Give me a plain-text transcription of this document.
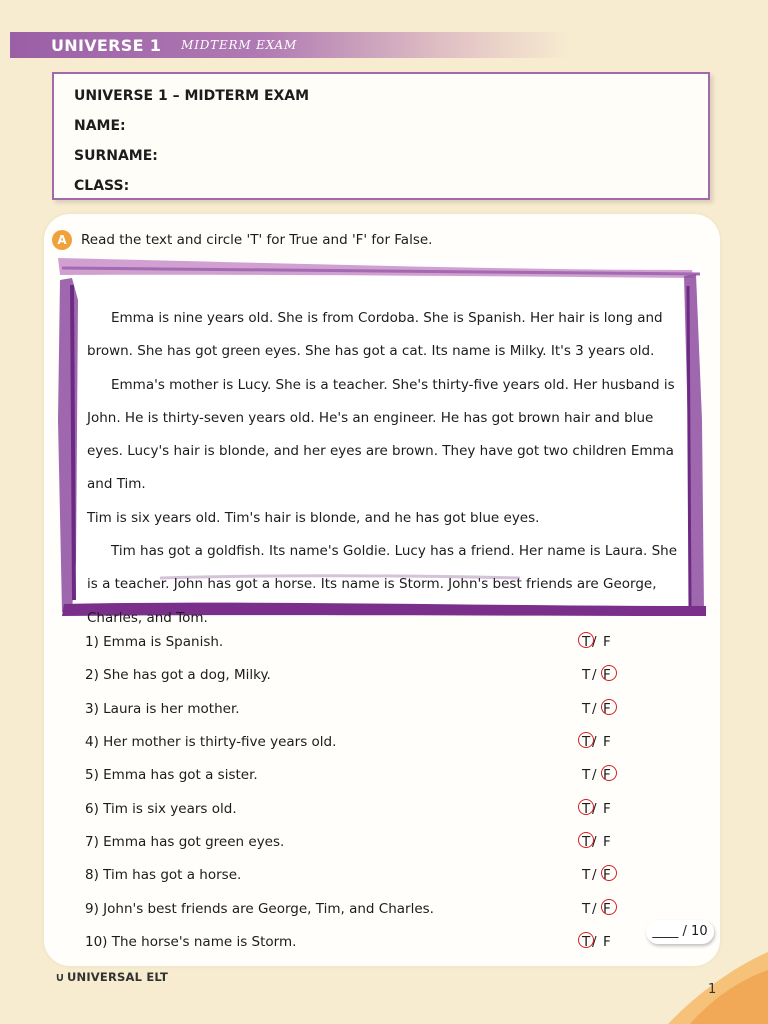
UNIVERSE 1 MIDTERM EXAM
UNIVERSE 1 – MIDTERM EXAM
NAME:
SURNAME:
CLASS:
A	Read the text and circle 'T' for True and 'F' for False.

Emma is nine years old. She is from Cordoba. She is Spanish. Her hair is long and brown. She has got green eyes. She has got a cat. Its name is Milky. It's 3 years old.

Emma's mother is Lucy. She is a teacher. She's thirty-five years old. Her husband is John. He is thirty-seven years old. He's an engineer. He has got brown hair and blue eyes. Lucy's hair is blonde, and her eyes are brown. They have got two children Emma and Tim.

Tim is six years old. Tim's hair is blonde, and he has got blue eyes.

Tim has got a goldfish. Its name's Goldie. Lucy has a friend. Her name is Laura. She is a teacher. John has got a horse. Its name is Storm. John's best friends are George, Charles, and Tom.

1) Emma is Spanish.	T / F
2) She has got a dog, Milky.	T / F
3) Laura is her mother.	T / F
4) Her mother is thirty-five years old.	T / F
5) Emma has got a sister.	T / F
6) Tim is six years old.	T / F
7) Emma has got green eyes.	T / F
8) Tim has got a horse.	T / F
9) John's best friends are George, Tim, and Charles.	T / F
10) The horse's name is Storm.	T / F
____ / 10
∪ UNIVERSAL ELT
1
